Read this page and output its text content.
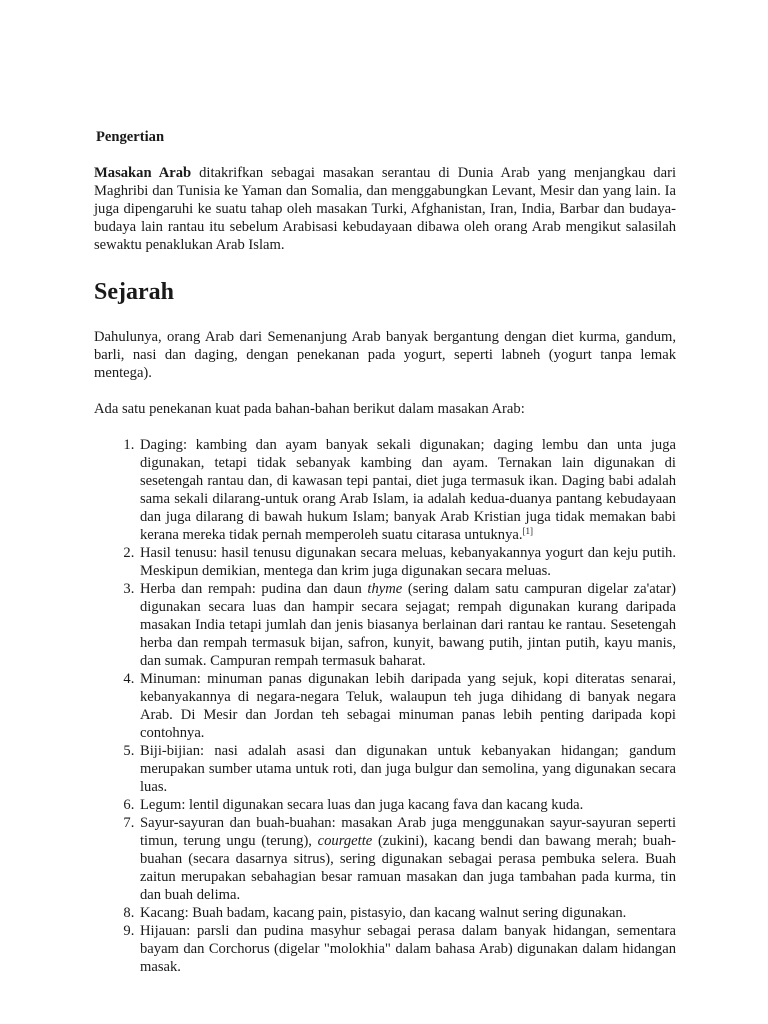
Pengertian

Masakan Arab ditakrifkan sebagai masakan serantau di Dunia Arab yang menjangkau dari Maghribi dan Tunisia ke Yaman dan Somalia, dan menggabungkan Levant, Mesir dan yang lain. Ia juga dipengaruhi ke suatu tahap oleh masakan Turki, Afghanistan, Iran, India, Barbar dan budaya-budaya lain rantau itu sebelum Arabisasi kebudayaan dibawa oleh orang Arab mengikut salasilah sewaktu penaklukan Arab Islam.

Sejarah

Dahulunya, orang Arab dari Semenanjung Arab banyak bergantung dengan diet kurma, gandum, barli, nasi dan daging, dengan penekanan pada yogurt, seperti labneh (yogurt tanpa lemak mentega).

Ada satu penekanan kuat pada bahan-bahan berikut dalam masakan Arab:

1. Daging: kambing dan ayam banyak sekali digunakan; daging lembu dan unta juga digunakan, tetapi tidak sebanyak kambing dan ayam. Ternakan lain digunakan di sesetengah rantau dan, di kawasan tepi pantai, diet juga termasuk ikan. Daging babi adalah sama sekali dilarang-untuk orang Arab Islam, ia adalah kedua-duanya pantang kebudayaan dan juga dilarang di bawah hukum Islam; banyak Arab Kristian juga tidak memakan babi kerana mereka tidak pernah memperoleh suatu citarasa untuknya.[1]
2. Hasil tenusu: hasil tenusu digunakan secara meluas, kebanyakannya yogurt dan keju putih. Meskipun demikian, mentega dan krim juga digunakan secara meluas.
3. Herba dan rempah: pudina dan daun thyme (sering dalam satu campuran digelar za'atar) digunakan secara luas dan hampir secara sejagat; rempah digunakan kurang daripada masakan India tetapi jumlah dan jenis biasanya berlainan dari rantau ke rantau. Sesetengah herba dan rempah termasuk bijan, safron, kunyit, bawang putih, jintan putih, kayu manis, dan sumak. Campuran rempah termasuk baharat.
4. Minuman: minuman panas digunakan lebih daripada yang sejuk, kopi diteratas senarai, kebanyakannya di negara-negara Teluk, walaupun teh juga dihidang di banyak negara Arab. Di Mesir dan Jordan teh sebagai minuman panas lebih penting daripada kopi contohnya.
5. Biji-bijian: nasi adalah asasi dan digunakan untuk kebanyakan hidangan; gandum merupakan sumber utama untuk roti, dan juga bulgur dan semolina, yang digunakan secara luas.
6. Legum: lentil digunakan secara luas dan juga kacang fava dan kacang kuda.
7. Sayur-sayuran dan buah-buahan: masakan Arab juga menggunakan sayur-sayuran seperti timun, terung ungu (terung), courgette (zukini), kacang bendi dan bawang merah; buah-buahan (secara dasarnya sitrus), sering digunakan sebagai perasa pembuka selera. Buah zaitun merupakan sebahagian besar ramuan masakan dan juga tambahan pada kurma, tin dan buah delima.
8. Kacang: Buah badam, kacang pain, pistasyio, dan kacang walnut sering digunakan.
9. Hijauan: parsli dan pudina masyhur sebagai perasa dalam banyak hidangan, sementara bayam dan Corchorus (digelar "molokhia" dalam bahasa Arab) digunakan dalam hidangan masak.
